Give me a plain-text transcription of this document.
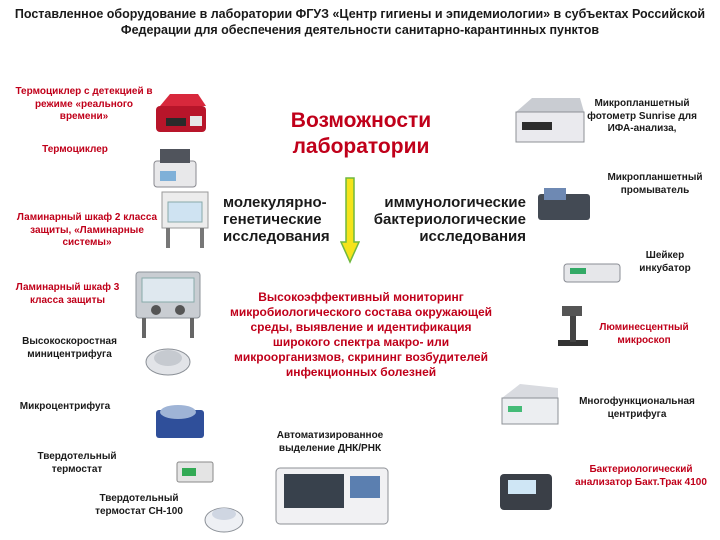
Поставленное оборудование в лаборатории ФГУЗ «Центр гигиены и эпидемиологии» в субъектах Российской Федерации для обеспечения деятельности санитарно-карантинных пунктов
Термоциклер с детекцией в режиме «реального времени»
Термоциклер
Ламинарный шкаф 2 класса защиты, «Ламинарные системы»
Ламинарный шкаф 3 класса защиты
Высокоскоростная миницентрифуга
Микроцентрифуга
Твердотельный термостат
Твердотельный термостат СН-100
Возможности лаборатории
молекулярно-генетические исследования
иммунологические бактериологические исследования
Высокоэффективный мониторинг микробиологического состава окружающей среды, выявление и идентификация широкого спектра макро- или микроорганизмов, скрининг возбудителей инфекционных болезней
Автоматизированное выделение ДНК/РНК
Микропланшетный фотометр Sunrise для ИФА-анализа,
Микропланшетный промыватель
Шейкер инкубатор
Люминесцентный микроскоп
Многофункциональная центрифуга
Бактериологический анализатор Бакт.Трак 4100
